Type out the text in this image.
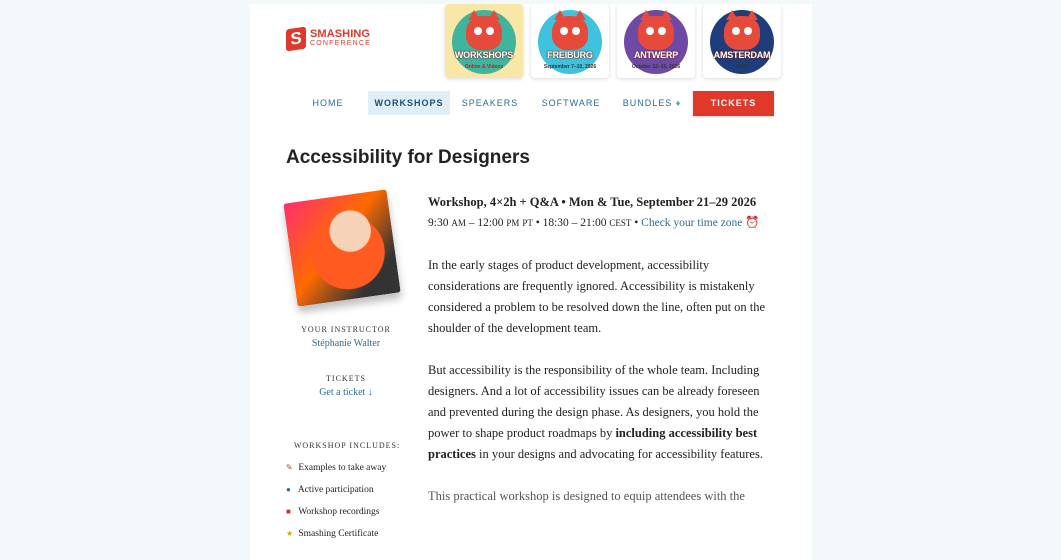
S SMASHING
CONFERENCE
WORKSHOPS
Online & Videos
FREIBURG
September 7–10, 2026
ANTWERP
October 12–15, 2026
AMSTERDAM
2027
HOME	WORKSHOPS	SPEAKERS	SOFTWARE	BUNDLES ♦	TICKETS
Accessibility for Designers
YOUR INSTRUCTOR
Stéphanie Walter
TICKETS
Get a ticket ↓
WORKSHOP INCLUDES:
✎ Examples to take away
● Active participation
■ Workshop recordings
★ Smashing Certificate
Workshop, 4×2h + Q&A • Mon & Tue, September 21–29 2026
9:30 AM – 12:00 PM PT • 18:30 – 21:00 CEST • Check your time zone ⏰

In the early stages of product development, accessibility considerations are frequently ignored. Accessibility is mistakenly considered a problem to be resolved down the line, often put on the shoulder of the development team.

But accessibility is the responsibility of the whole team. Including designers. And a lot of accessibility issues can be already foreseen and prevented during the design phase. As designers, you hold the power to shape product roadmaps by including accessibility best practices in your designs and advocating for accessibility features.

This practical workshop is designed to equip attendees with the
